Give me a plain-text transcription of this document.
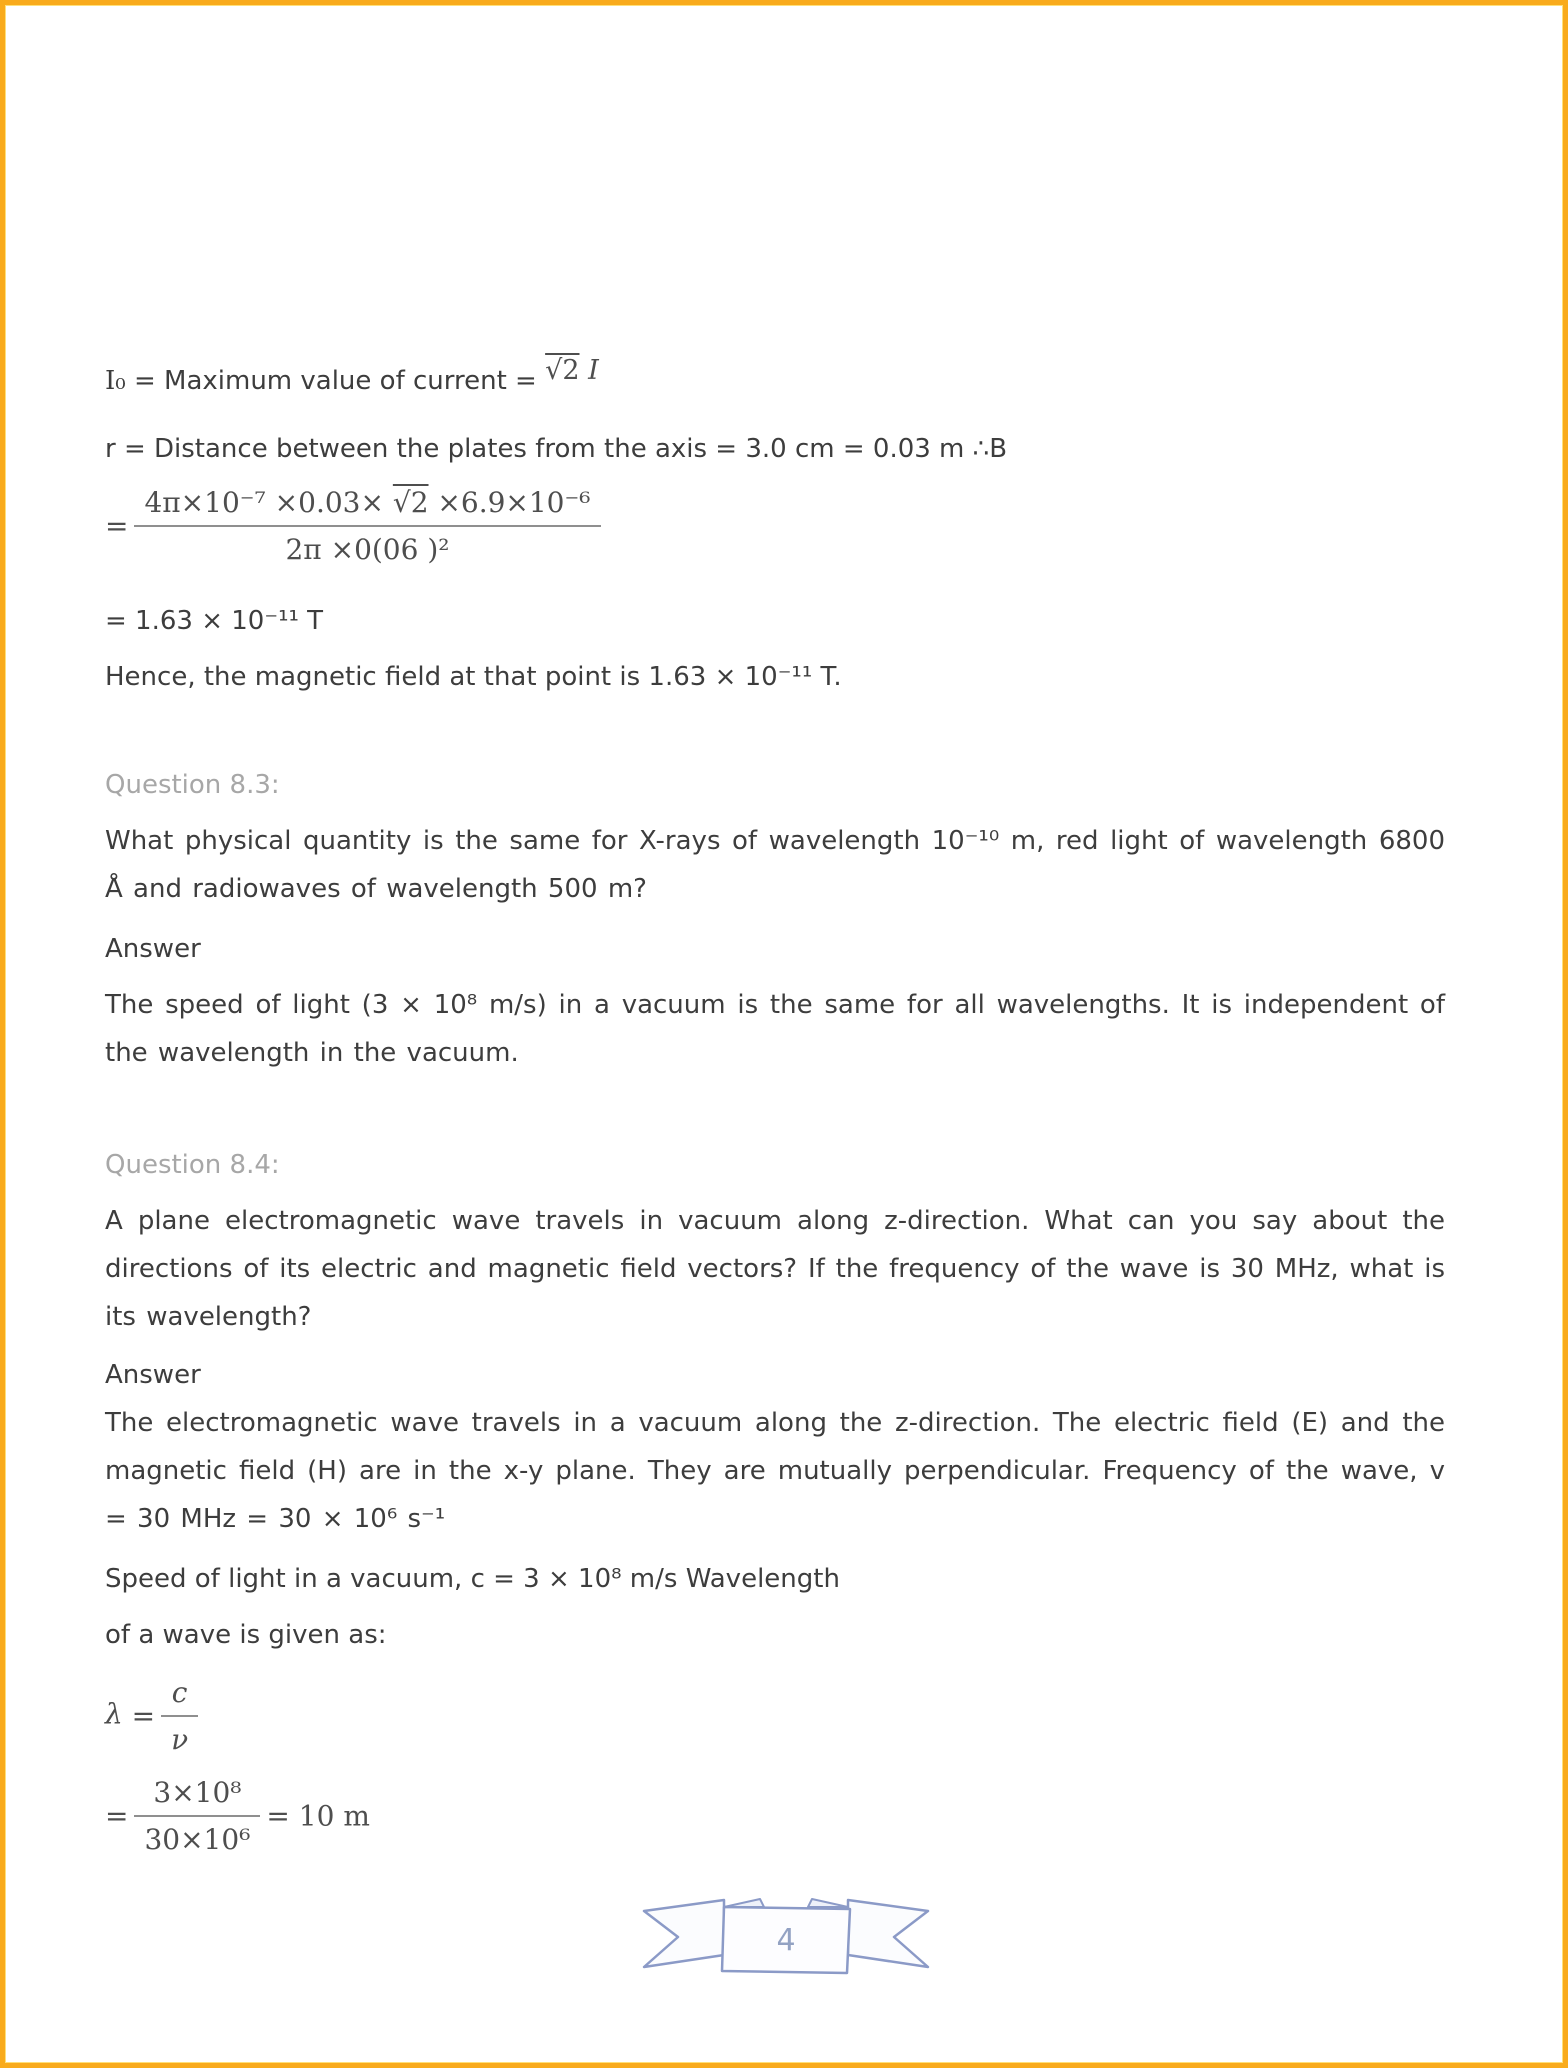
I₀ = Maximum value of current = √2 I
r = Distance between the plates from the axis = 3.0 cm = 0.03 m ∴B
= $\frac{\text{4π×10⁻⁷ ×0.03× √2 ×6.9×10⁻⁶}}{\text{2π ×0(06 )²}}$
= 1.63 × 10⁻¹¹ T
Hence, the magnetic field at that point is 1.63 × 10⁻¹¹ T.
Question 8.3:
What physical quantity is the same for X-rays of wavelength 10⁻¹⁰ m, red light of wavelength 6800 Å and radiowaves of wavelength 500 m?
Answer
The speed of light (3 × 10⁸ m/s) in a vacuum is the same for all wavelengths. It is independent of the wavelength in the vacuum.
Question 8.4:
A plane electromagnetic wave travels in vacuum along z-direction. What can you say about the directions of its electric and magnetic field vectors? If the frequency of the wave is 30 MHz, what is its wavelength?
Answer
The electromagnetic wave travels in a vacuum along the z-direction. The electric field (E) and the magnetic field (H) are in the x-y plane. They are mutually perpendicular. Frequency of the wave, v = 30 MHz = 30 × 10⁶ s⁻¹
Speed of light in a vacuum, c = 3 × 10⁸ m/s Wavelength
of a wave is given as:
$\lambda = \frac{c}{\nu}$
= $\frac{\text{3×10⁸}}{\text{30×10⁶}} = 10$ m
4
